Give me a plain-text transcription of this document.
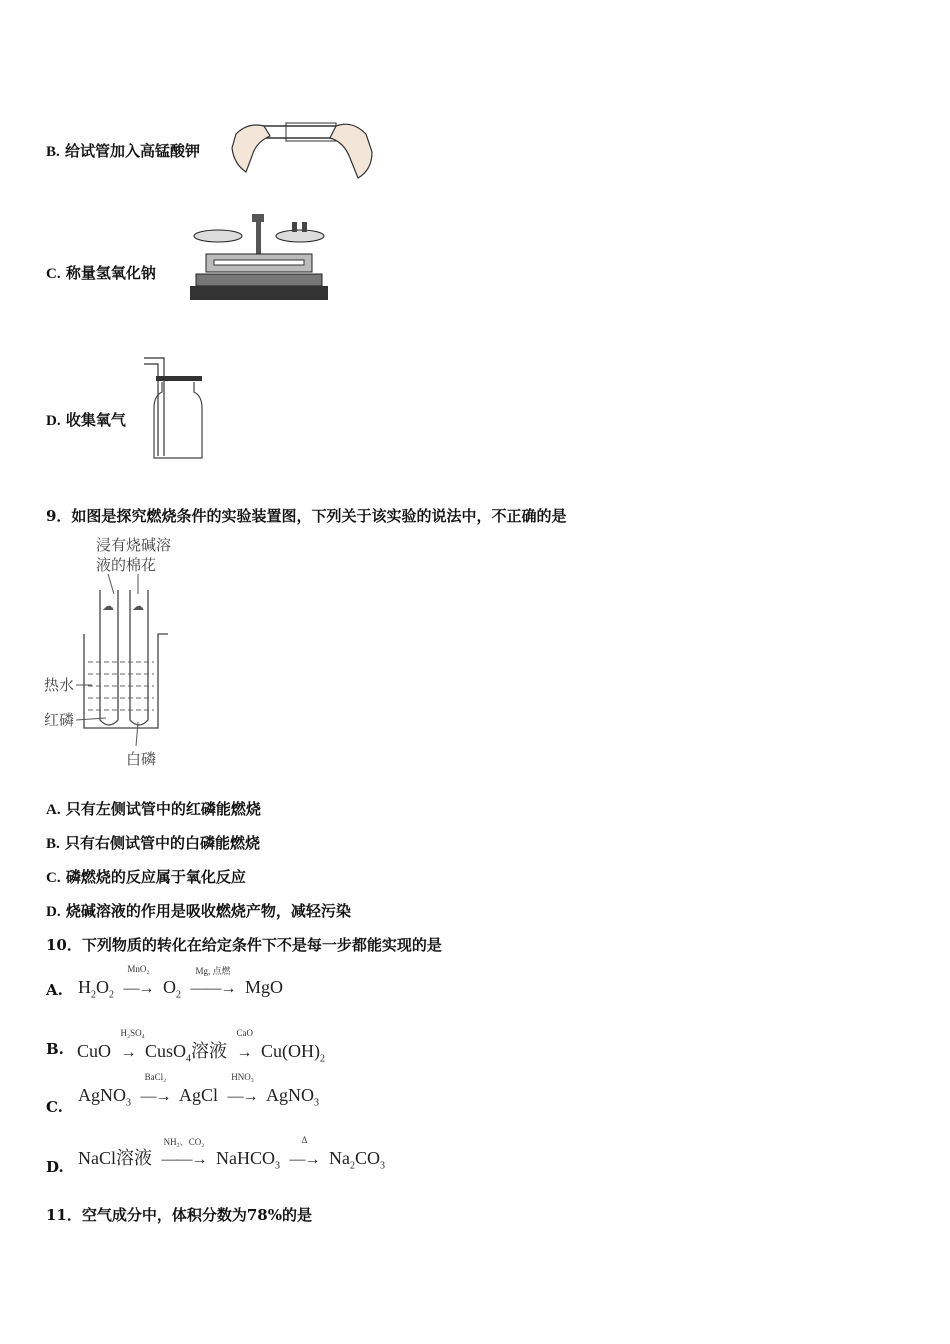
B. 给试管加入高锰酸钾
C. 称量氢氧化钠
D. 收集氧气
9．如图是探究燃烧条件的实验装置图，下列关于该实验的说法中，不正确的是
浸有烧碱溶
液的棉花
☁ ☁
热水
红磷
白磷
A. 只有左侧试管中的红磷能燃烧
B. 只有右侧试管中的白磷能燃烧
C. 磷燃烧的反应属于氧化反应
D. 烧碱溶液的作用是吸收燃烧产物，减轻污染
10．下列物质的转化在给定条件下不是每一步都能实现的是
A. $H_2O_2$
MnO₂
—→ $O_2$
Mg, 点燃
——→ MgO
B. CuO
H₂SO₄
→ CusO$_4$溶液
CaO
→ $Cu(OH)_2$
C.
AgNO$_3$
BaCl₂
—→ AgCl
HNO₃
—→ AgNO$_3$
D. NaCl溶液
NH₃、CO₂
——→ NaHCO$_3$
Δ
—→ $Na_2CO_3$
11．空气成分中，体积分数为78%的是
